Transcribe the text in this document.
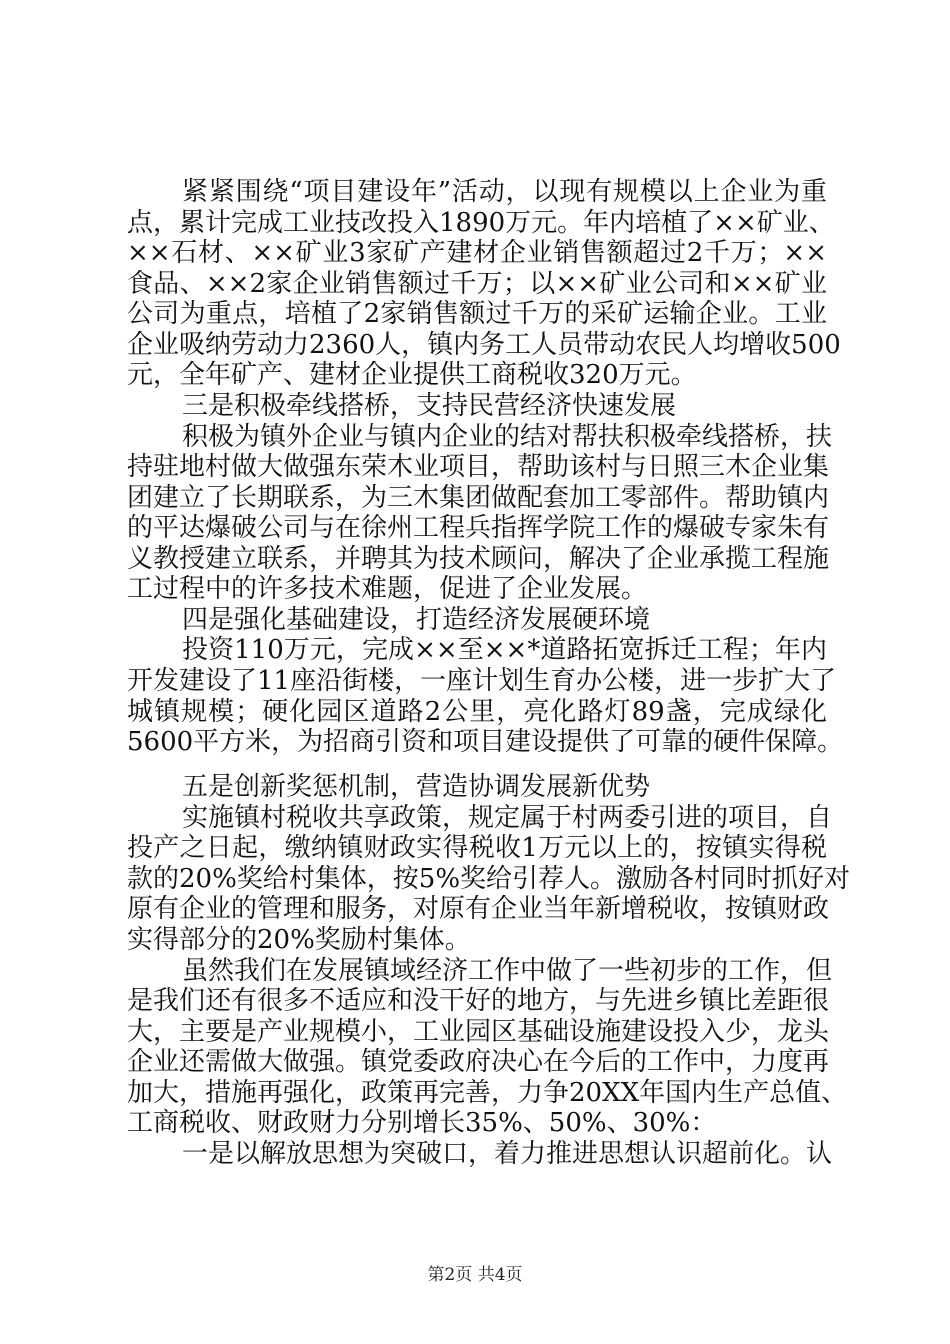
紧紧围绕“项目建设年”活动，以现有规模以上企业为重
点，累计完成工业技改投入1890万元。年内培植了××矿业、
××石材、××矿业3家矿产建材企业销售额超过2千万；××
食品、××2家企业销售额过千万；以××矿业公司和××矿业
公司为重点，培植了2家销售额过千万的采矿运输企业。工业
企业吸纳劳动力2360人，镇内务工人员带动农民人均增收500
元，全年矿产、建材企业提供工商税收320万元。
三是积极牵线搭桥，支持民营经济快速发展
积极为镇外企业与镇内企业的结对帮扶积极牵线搭桥，扶
持驻地村做大做强东荣木业项目，帮助该村与日照三木企业集
团建立了长期联系，为三木集团做配套加工零部件。帮助镇内
的平达爆破公司与在徐州工程兵指挥学院工作的爆破专家朱有
义教授建立联系，并聘其为技术顾问，解决了企业承揽工程施
工过程中的许多技术难题，促进了企业发展。
四是强化基础建设，打造经济发展硬环境
投资110万元，完成××至××*道路拓宽拆迁工程；年内
开发建设了11座沿街楼，一座计划生育办公楼，进一步扩大了
城镇规模；硬化园区道路2公里，亮化路灯89盏，完成绿化
5600平方米，为招商引资和项目建设提供了可靠的硬件保障。
五是创新奖惩机制，营造协调发展新优势
实施镇村税收共享政策，规定属于村两委引进的项目，自
投产之日起，缴纳镇财政实得税收1万元以上的，按镇实得税
款的20%奖给村集体，按5%奖给引荐人。激励各村同时抓好对
原有企业的管理和服务，对原有企业当年新增税收，按镇财政
实得部分的20%奖励村集体。
虽然我们在发展镇域经济工作中做了一些初步的工作，但
是我们还有很多不适应和没干好的地方，与先进乡镇比差距很
大，主要是产业规模小，工业园区基础设施建设投入少，龙头
企业还需做大做强。镇党委政府决心在今后的工作中，力度再
加大，措施再强化，政策再完善，力争20XX年国内生产总值、
工商税收、财政财力分别增长35%、50%、30%：
一是以解放思想为突破口，着力推进思想认识超前化。认
第2页 共4页
